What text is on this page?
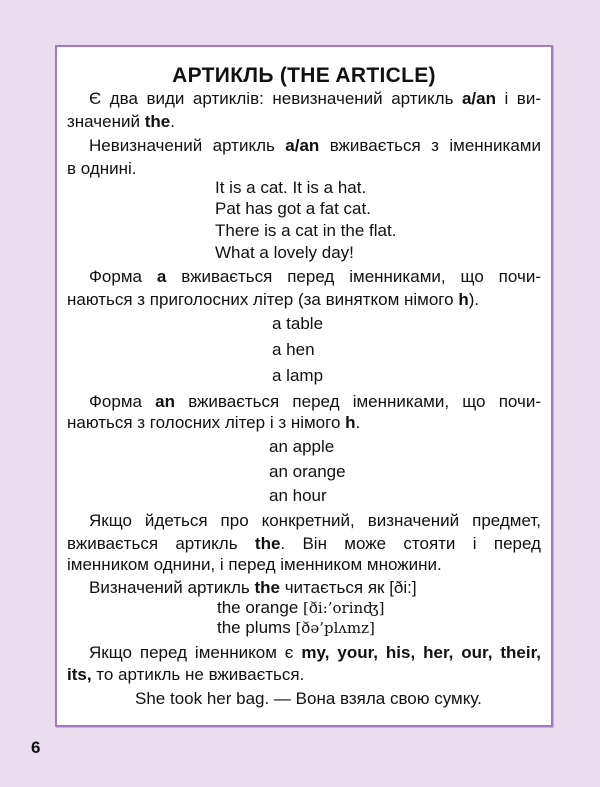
АРТИКЛЬ (THE ARTICLE)
Є два види артиклів: невизначений артикль a/an і ви-
значений the.
Невизначений артикль a/an вживається з іменниками
в однині.
It is a cat. It is a hat.
Pat has got a fat cat.
There is a cat in the flat.
What a lovely day!
Форма a вживається перед іменниками, що почи-
наються з приголосних літер (за винятком німого h).
a table
a hen
a lamp
Форма an вживається перед іменниками, що почи-
наються з голосних літер і з німого h.
an apple
an orange
an hour
Якщо йдеться про конкретний, визначений предмет,
вживається артикль the. Він може стояти і перед
іменником однини, і перед іменником множини.
Визначений артикль the читається як [ði:]
the orange [ði:’orinʤ]
the plums [ðə’plʌmz]
Якщо перед іменником є my, your, his, her, our, their,
its, то артикль не вживається.
She took her bag. — Вона взяла свою сумку.
6
